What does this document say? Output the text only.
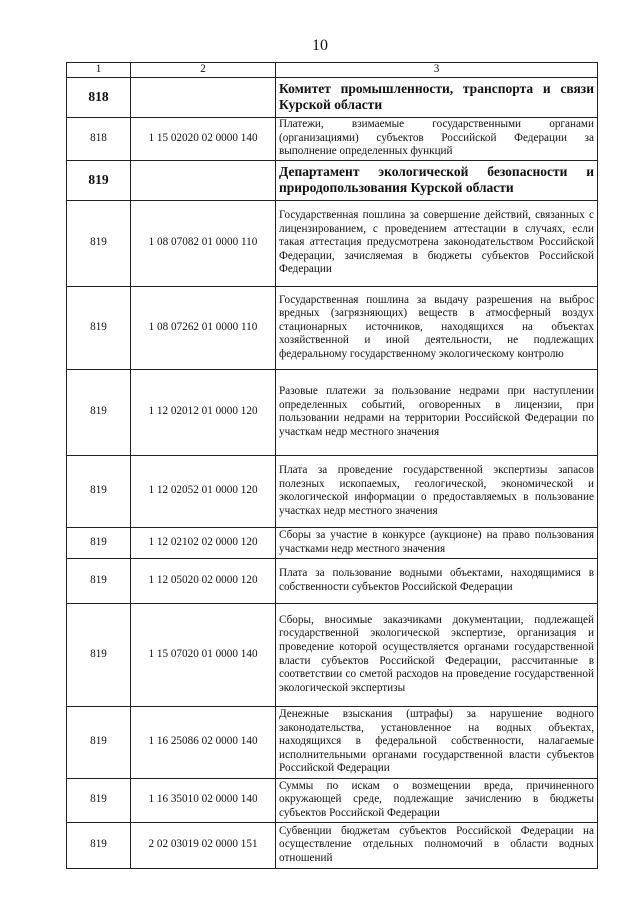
10
1	2	3
818		Комитет промышленности, транспорта и связи Курской области
818	1 15 02020 02 0000 140	Платежи, взимаемые государственными органами (организациями) субъектов Российской Федерации за выполнение определенных функций
819		Департамент экологической безопасности и природопользования Курской области
819	1 08 07082 01 0000 110	Государственная пошлина за совершение действий, связанных с лицензированием, с проведением аттестации в случаях, если такая аттестация предусмотрена законодательством Российской Федерации, зачисляемая в бюджеты субъектов Российской Федерации
819	1 08 07262 01 0000 110	Государственная пошлина за выдачу разрешения на выброс вредных (загрязняющих) веществ в атмосферный воздух стационарных источников, находящихся на объектах хозяйственной и иной деятельности, не подлежащих федеральному государственному экологическому контролю
819	1 12 02012 01 0000 120	Разовые платежи за пользование недрами при наступлении определенных событий, оговоренных в лицензии, при пользовании недрами на территории Российской Федерации по участкам недр местного значения
819	1 12 02052 01 0000 120	Плата за проведение государственной экспертизы запасов полезных ископаемых, геологической, экономической и экологической информации о предоставляемых в пользование участках недр местного значения
819	1 12 02102 02 0000 120	Сборы за участие в конкурсе (аукционе) на право пользования участками недр местного значения
819	1 12 05020 02 0000 120	Плата за пользование водными объектами, находящимися в собственности субъектов Российской Федерации
819	1 15 07020 01 0000 140	Сборы, вносимые заказчиками документации, подлежащей государственной экологической экспертизе, организация и проведение которой осуществляется органами государственной власти субъектов Российской Федерации, рассчитанные в соответствии со сметой расходов на проведение государственной экологической экспертизы
819	1 16 25086 02 0000 140	Денежные взыскания (штрафы) за нарушение водного законодательства, установленное на водных объектах, находящихся в федеральной собственности, налагаемые исполнительными органами государственной власти субъектов Российской Федерации
819	1 16 35010 02 0000 140	Суммы по искам о возмещении вреда, причиненного окружающей среде, подлежащие зачислению в бюджеты субъектов Российской Федерации
819	2 02 03019 02 0000 151	Субвенции бюджетам субъектов Российской Федерации на осуществление отдельных полномочий в области водных отношений
